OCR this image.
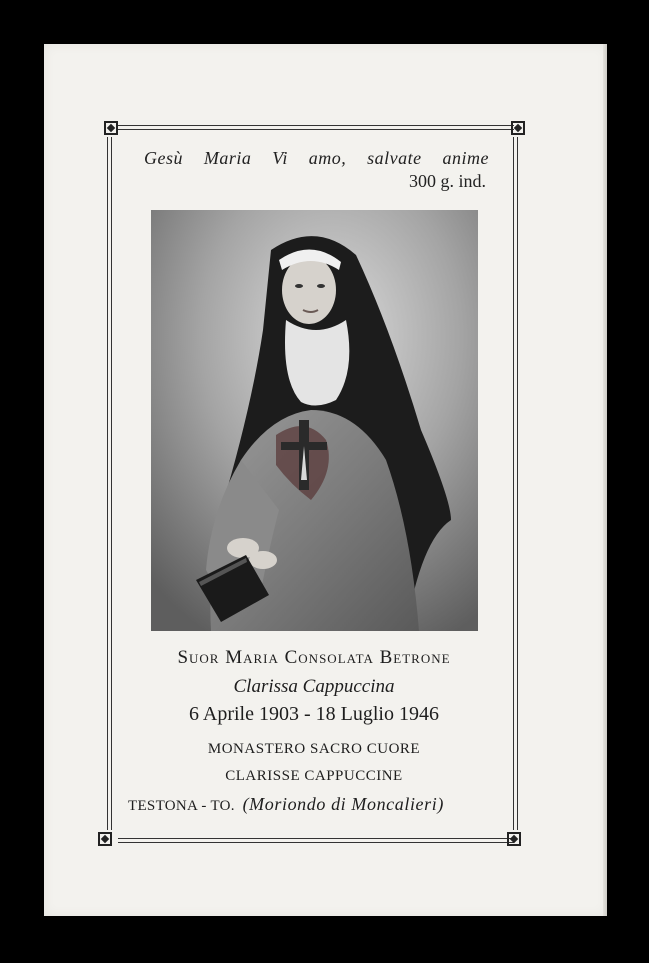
Gesù Maria Vi amo, salvate anime
300 g. ind.
Suor Maria Consolata Betrone
Clarissa Cappuccina
6 Aprile 1903 - 18 Luglio 1946
MONASTERO SACRO CUORE
CLARISSE CAPPUCCINE
TESTONA - TO. (Moriondo di Moncalieri)
